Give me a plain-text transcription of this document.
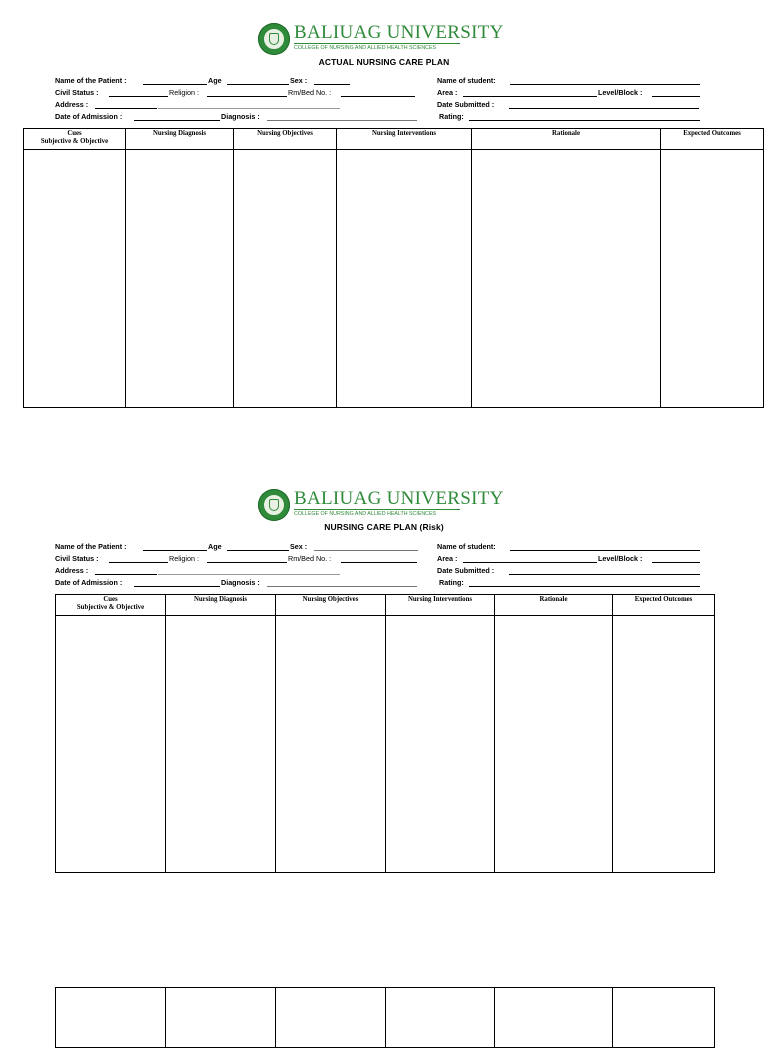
BALIUAG UNIVERSITY
COLLEGE OF NURSING AND ALLIED HEALTH SCIENCES
ACTUAL NURSING CARE PLAN
Name of the Patient :	Age	Sex :	Name of student:
Civil Status :	Religion :	Rm/Bed No. :	Area :	Level/Block :
Address :	Date Submitted :
Date of Admission :	Diagnosis :	Rating:
Cues
Subjective & Objective	Nursing Diagnosis	Nursing Objectives	Nursing Interventions	Rationale	Expected Outcomes

BALIUAG UNIVERSITY
COLLEGE OF NURSING AND ALLIED HEALTH SCIENCES
NURSING CARE PLAN (Risk)
Name of the Patient :	Age	Sex :	Name of student:
Civil Status :	Religion :	Rm/Bed No. :	Area :	Level/Block :
Address :	Date Submitted :
Date of Admission :	Diagnosis :	Rating:
Cues
Subjective & Objective	Nursing Diagnosis	Nursing Objectives	Nursing Interventions	Rationale	Expected Outcomes
